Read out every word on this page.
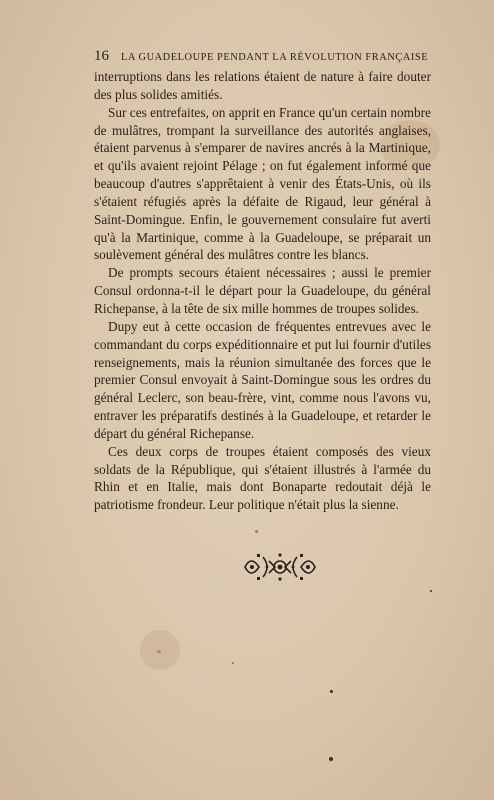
16 LA GUADELOUPE PENDANT LA RÉVOLUTION FRANÇAISE

interruptions dans les relations étaient de nature à faire douter des plus solides amitiés.

Sur ces entrefaites, on apprit en France qu'un certain nombre de mulâtres, trompant la surveillance des autorités anglaises, étaient parvenus à s'emparer de navires ancrés à la Martinique, et qu'ils avaient rejoint Pélage ; on fut également informé que beaucoup d'autres s'apprêtaient à venir des États-Unis, où ils s'étaient réfugiés après la défaite de Rigaud, leur général à Saint-Domingue. Enfin, le gouvernement consulaire fut averti qu'à la Martinique, comme à la Guadeloupe, se préparait un soulèvement général des mulâtres contre les blancs.

De prompts secours étaient nécessaires ; aussi le premier Consul ordonna-t-il le départ pour la Guadeloupe, du général Richepanse, à la tête de six mille hommes de troupes solides.

Dupy eut à cette occasion de fréquentes entrevues avec le commandant du corps expéditionnaire et put lui fournir d'utiles renseignements, mais la réunion simultanée des forces que le premier Consul envoyait à Saint-Domingue sous les ordres du général Leclerc, son beau-frère, vint, comme nous l'avons vu, entraver les préparatifs destinés à la Guadeloupe, et retarder le départ du général Richepanse.

Ces deux corps de troupes étaient composés des vieux soldats de la République, qui s'étaient illustrés à l'armée du Rhin et en Italie, mais dont Bonaparte redoutait déjà le patriotisme frondeur. Leur politique n'était plus la sienne.
